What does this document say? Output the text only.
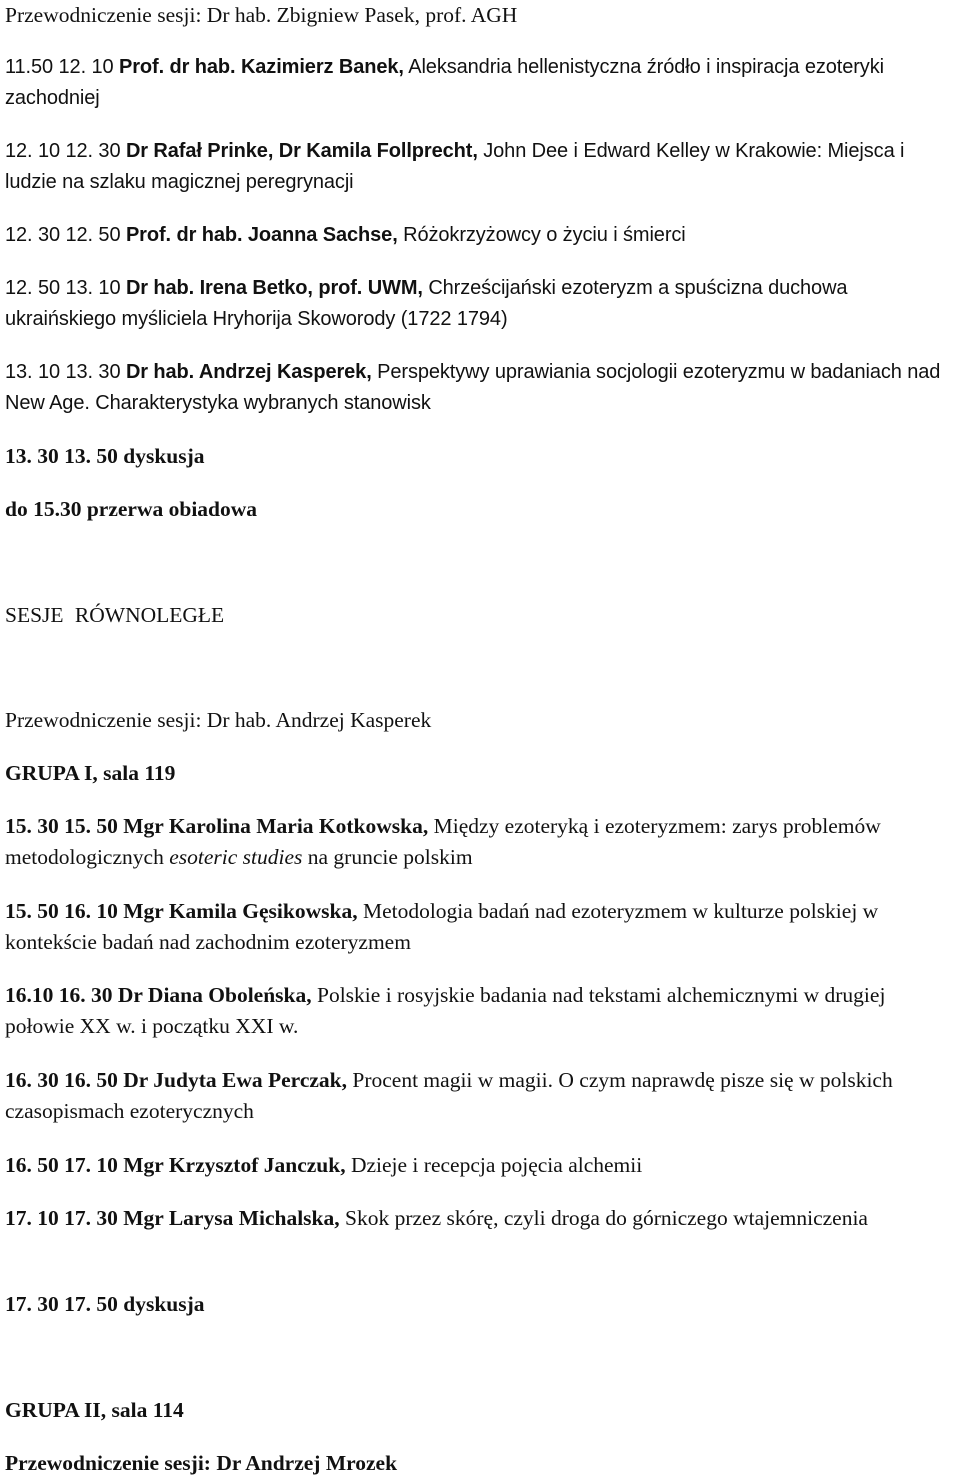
Przewodniczenie sesji: Dr hab. Zbigniew Pasek, prof. AGH

11.50 12. 10 Prof. dr hab. Kazimierz Banek, Aleksandria hellenistyczna źródło i inspiracja ezoteryki zachodniej

12. 10 12. 30 Dr Rafał Prinke, Dr Kamila Follprecht, John Dee i Edward Kelley w Krakowie: Miejsca i ludzie na szlaku magicznej peregrynacji

12. 30 12. 50 Prof. dr hab. Joanna Sachse, Różokrzyżowcy o życiu i śmierci

12. 50 13. 10 Dr hab. Irena Betko, prof. UWM, Chrześcijański ezoteryzm a spuścizna duchowa ukraińskiego myśliciela Hryhorija Skoworody (1722 1794)

13. 10 13. 30 Dr hab. Andrzej Kasperek, Perspektywy uprawiania socjologii ezoteryzmu w badaniach nad New Age. Charakterystyka wybranych stanowisk

13. 30 13. 50 dyskusja

do 15.30 przerwa obiadowa

SESJE RÓWNOLEGŁE

Przewodniczenie sesji: Dr hab. Andrzej Kasperek

GRUPA I, sala 119

15. 30 15. 50 Mgr Karolina Maria Kotkowska, Między ezoteryką i ezoteryzmem: zarys problemów metodologicznych esoteric studies na gruncie polskim

15. 50 16. 10 Mgr Kamila Gęsikowska, Metodologia badań nad ezoteryzmem w kulturze polskiej w kontekście badań nad zachodnim ezoteryzmem

16.10 16. 30 Dr Diana Oboleńska, Polskie i rosyjskie badania nad tekstami alchemicznymi w drugiej połowie XX w. i początku XXI w.

16. 30 16. 50 Dr Judyta Ewa Perczak, Procent magii w magii. O czym naprawdę pisze się w polskich czasopismach ezoterycznych

16. 50 17. 10 Mgr Krzysztof Janczuk, Dzieje i recepcja pojęcia alchemii

17. 10 17. 30 Mgr Larysa Michalska, Skok przez skórę, czyli droga do górniczego wtajemniczenia

17. 30 17. 50 dyskusja

GRUPA II, sala 114

Przewodniczenie sesji: Dr Andrzej Mrozek
